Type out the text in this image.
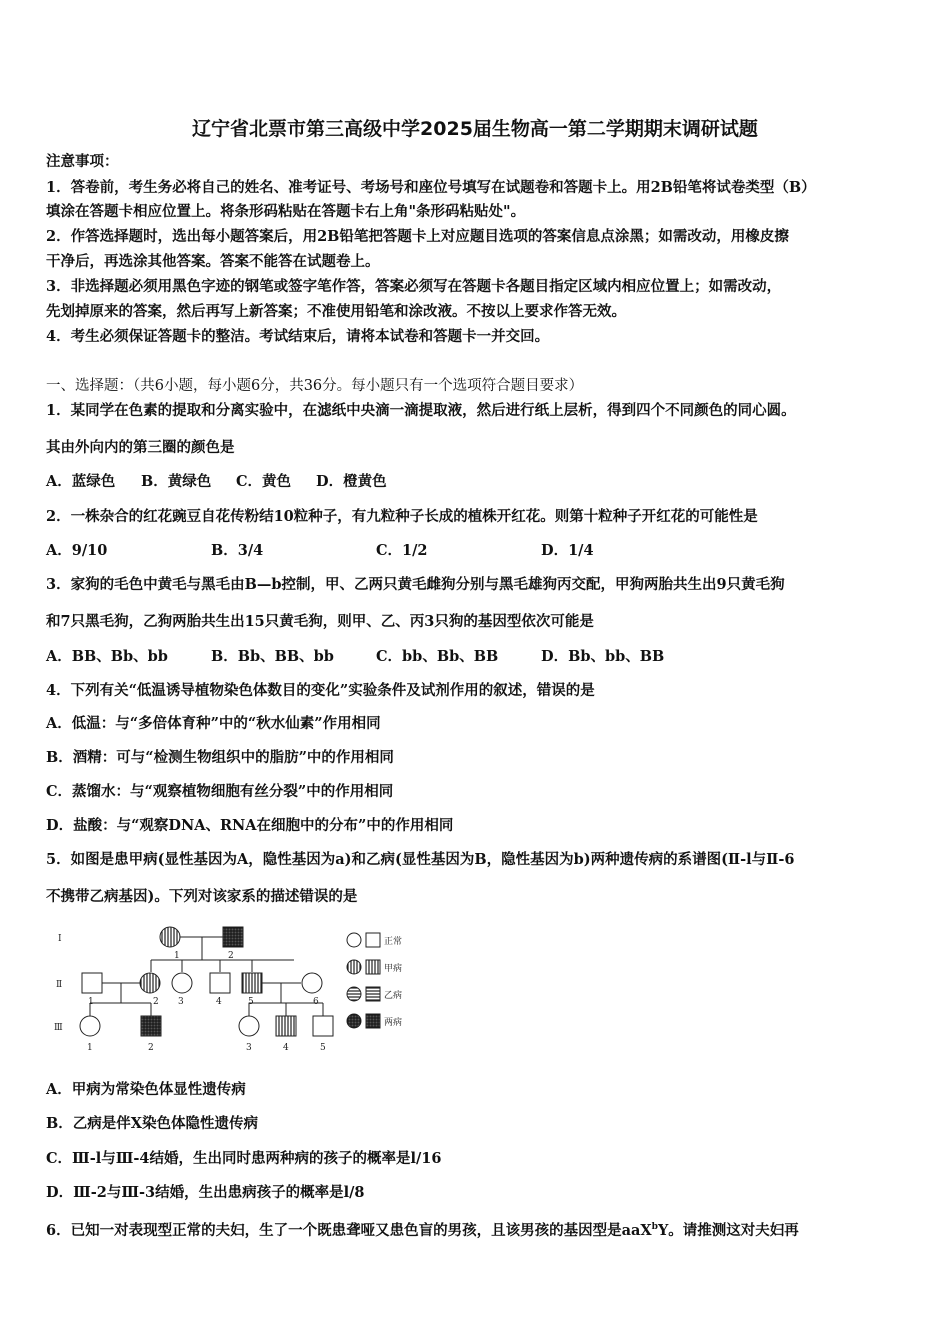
辽宁省北票市第三高级中学2025届生物高一第二学期期末调研试题
注意事项：
1．答卷前，考生务必将自己的姓名、准考证号、考场号和座位号填写在试题卷和答题卡上。用2B铅笔将试卷类型（B）
填涂在答题卡相应位置上。将条形码粘贴在答题卡右上角"条形码粘贴处"。
2．作答选择题时，选出每小题答案后，用2B铅笔把答题卡上对应题目选项的答案信息点涂黑；如需改动，用橡皮擦
干净后，再选涂其他答案。答案不能答在试题卷上。
3．非选择题必须用黑色字迹的钢笔或签字笔作答，答案必须写在答题卡各题目指定区域内相应位置上；如需改动，
先划掉原来的答案，然后再写上新答案；不准使用铅笔和涂改液。不按以上要求作答无效。
4．考生必须保证答题卡的整洁。考试结束后，请将本试卷和答题卡一并交回。
一、选择题：（共6小题，每小题6分，共36分。每小题只有一个选项符合题目要求）
1．某同学在色素的提取和分离实验中，在滤纸中央滴一滴提取液，然后进行纸上层析，得到四个不同颜色的同心圆。
其由外向内的第三圈的颜色是
A．蓝绿色 B．黄绿色 C．黄色 D．橙黄色
2．一株杂合的红花豌豆自花传粉结10粒种子，有九粒种子长成的植株开红花。则第十粒种子开红花的可能性是
A．9/10	B．3/4	C．1/2	D．1/4
3．家狗的毛色中黄毛与黑毛由B—b控制，甲、乙两只黄毛雌狗分别与黑毛雄狗丙交配，甲狗两胎共生出9只黄毛狗
和7只黑毛狗，乙狗两胎共生出15只黄毛狗，则甲、乙、丙3只狗的基因型依次可能是
A．BB、Bb、bb	B．Bb、BB、bb	C．bb、Bb、BB	D．Bb、bb、BB
4．下列有关“低温诱导植物染色体数目的变化”实验条件及试剂作用的叙述，错误的是
A．低温：与“多倍体育种”中的“秋水仙素”作用相同
B．酒精：可与“检测生物组织中的脂肪”中的作用相同
C．蒸馏水：与“观察植物细胞有丝分裂”中的作用相同
D．盐酸：与“观察DNA、RNA在细胞中的分布”中的作用相同
5．如图是患甲病(显性基因为A，隐性基因为a)和乙病(显性基因为B，隐性基因为b)两种遗传病的系谱图(Ⅱ-l与Ⅱ-6
不携带乙病基因)。下列对该家系的描述错误的是
Ⅰ
Ⅱ
Ⅲ
1	2
1	2 3	4	5	6
1	2	3	4	5
正常
甲病
乙病
两病
A．甲病为常染色体显性遗传病
B．乙病是伴X染色体隐性遗传病
C．Ⅲ-l与Ⅲ-4结婚，生出同时患两种病的孩子的概率是l/16
D．Ⅲ-2与Ⅲ-3结婚，生出患病孩子的概率是l/8
6．已知一对表现型正常的夫妇，生了一个既患聋哑又患色盲的男孩，且该男孩的基因型是aaX$^b$Y。请推测这对夫妇再
